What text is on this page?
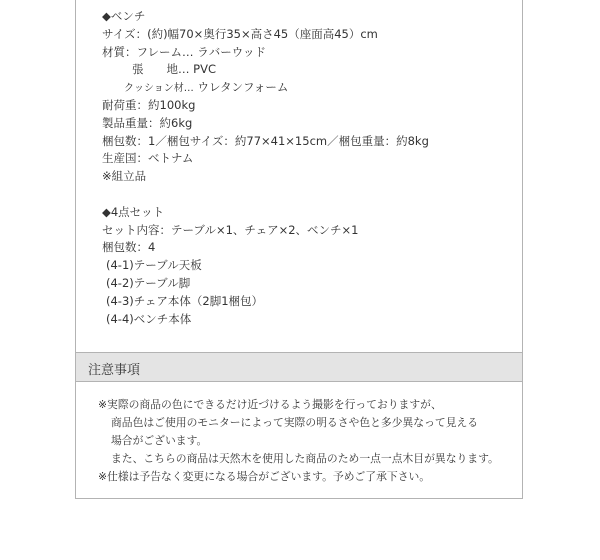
◆ベンチ
サイズ：(約)幅70×奥行35×高さ45（座面高45）cm
材質：フレーム… ラバーウッド
張　　地… PVC
クッション材… ウレタンフォーム
耐荷重：約100kg
製品重量：約6kg
梱包数：1／梱包サイズ：約77×41×15cm／梱包重量：約8kg
生産国：ベトナム
※組立品
◆4点セット
セット内容：テーブル×1、チェア×2、ベンチ×1
梱包数：4
(4-1)テーブル天板
(4-2)テーブル脚
(4-3)チェア本体（2脚1梱包）
(4-4)ベンチ本体
注意事項
※実際の商品の色にできるだけ近づけるよう撮影を行っておりますが、
商品色はご使用のモニターによって実際の明るさや色と多少異なって見える
場合がございます。
また、こちらの商品は天然木を使用した商品のため一点一点木目が異なります。
※仕様は予告なく変更になる場合がございます。予めご了承下さい。
